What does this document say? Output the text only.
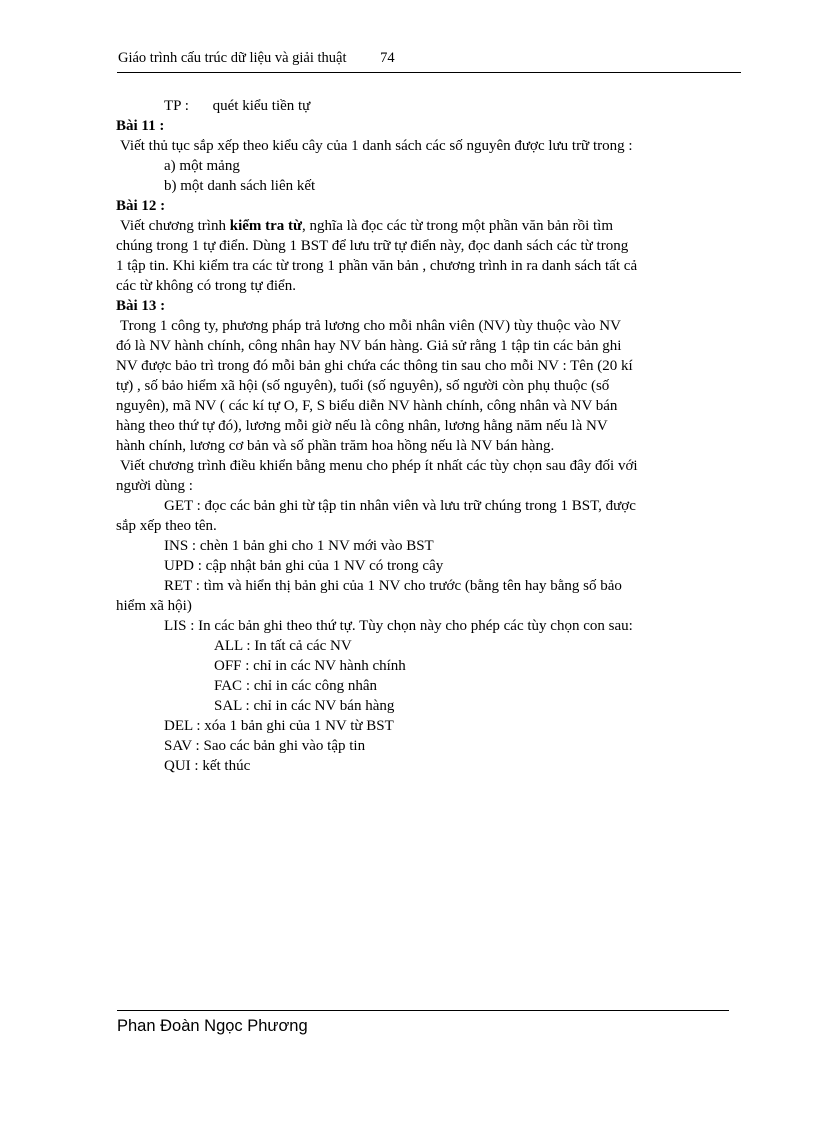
Giáo trình cấu trúc dữ liệu và giải thuật 74
TP : quét kiểu tiền tự
Bài 11 :
Viết thủ tục sắp xếp theo kiểu cây của 1 danh sách các số nguyên được lưu trữ trong :
a) một mảng
b) một danh sách liên kết
Bài 12 :
Viết chương trình kiểm tra từ, nghĩa là đọc các từ trong một phần văn bản rồi tìm
chúng trong 1 tự điển. Dùng 1 BST để lưu trữ tự điển này, đọc danh sách các từ trong
1 tập tin. Khi kiểm tra các từ trong 1 phần văn bản , chương trình in ra danh sách tất cả
các từ không có trong tự điển.
Bài 13 :
Trong 1 công ty, phương pháp trả lương cho mỗi nhân viên (NV) tùy thuộc vào NV
đó là NV hành chính, công nhân hay NV bán hàng. Giả sử rằng 1 tập tin các bản ghi
NV được bảo trì trong đó mỗi bản ghi chứa các thông tin sau cho mỗi NV : Tên (20 kí
tự) , số bảo hiểm xã hội (số nguyên), tuổi (số nguyên), số người còn phụ thuộc (số
nguyên), mã NV ( các kí tự O, F, S biểu diễn NV hành chính, công nhân và NV bán
hàng theo thứ tự đó), lương mỗi giờ nếu là công nhân, lương hằng năm nếu là NV
hành chính, lương cơ bản và số phần trăm hoa hồng nếu là NV bán hàng.
Viết chương trình điều khiển bằng menu cho phép ít nhất các tùy chọn sau đây đối với
người dùng :
GET : đọc các bản ghi từ tập tin nhân viên và lưu trữ chúng trong 1 BST, được
sắp xếp theo tên.
INS : chèn 1 bản ghi cho 1 NV mới vào BST
UPD : cập nhật bản ghi của 1 NV có trong cây
RET : tìm và hiển thị bản ghi của 1 NV cho trước (bằng tên hay bằng số bảo
hiểm xã hội)
LIS : In các bản ghi theo thứ tự. Tùy chọn này cho phép các tùy chọn con sau:
ALL : In tất cả các NV
OFF : chỉ in các NV hành chính
FAC : chỉ in các công nhân
SAL : chỉ in các NV bán hàng
DEL : xóa 1 bản ghi của 1 NV từ BST
SAV : Sao các bản ghi vào tập tin
QUI : kết thúc
Phan Đoàn Ngọc Phương
